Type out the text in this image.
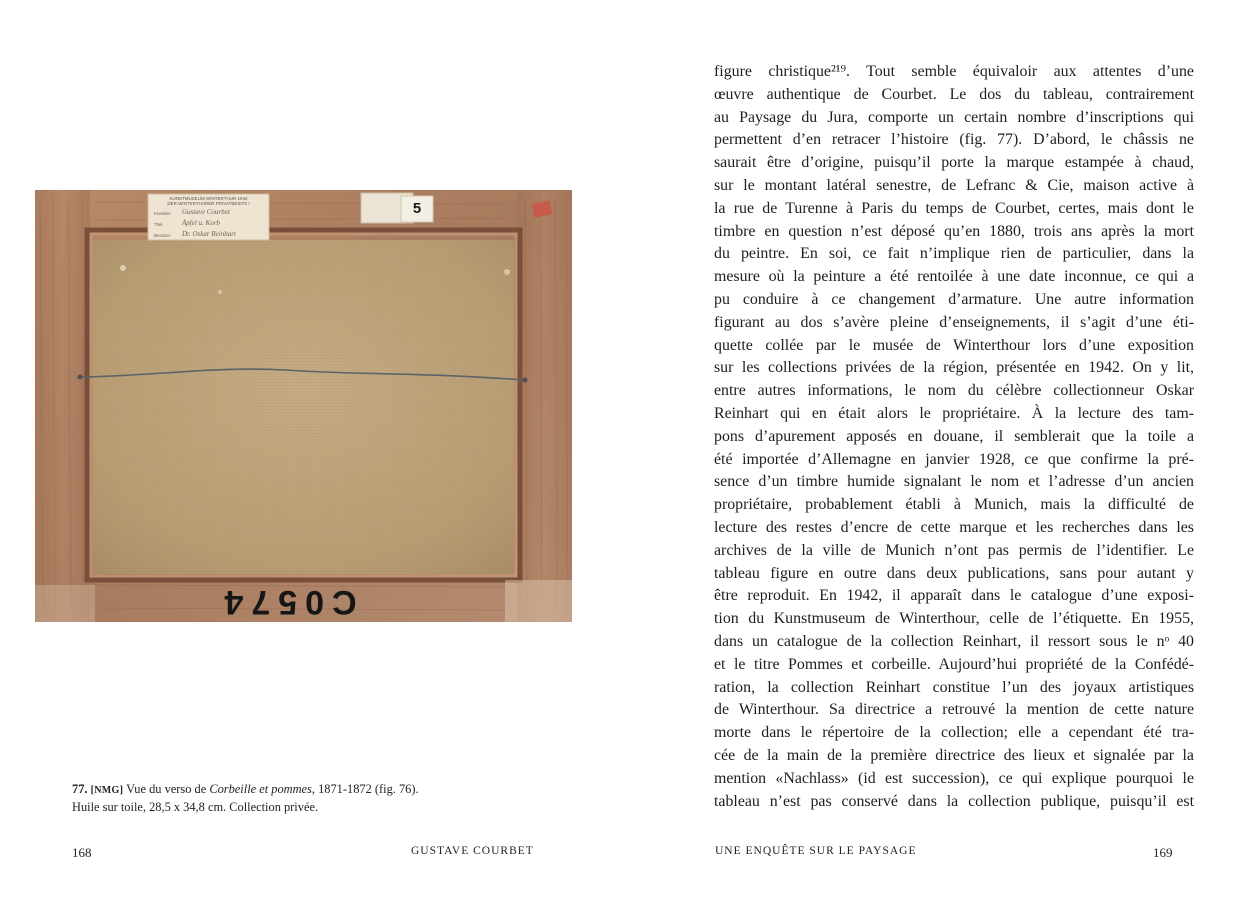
KUNSTMUSEUM WINTERTHUR 1942
DER WINTERTHURER PRIVATBESITZ I
Künstler Gustave Courbet
Titel	Äpfel u. Korb
Besitzer Dr. Oskar Reinhart
5
C0574
77. [NMG] Vue du verso de Corbeille et pommes, 1871-1872 (fig. 76).
Huile sur toile, 28,5 x 34,8 cm. Collection privée.
168	GUSTAVE COURBET
figure christique²¹⁹. Tout semble équivaloir aux attentes d’une
œuvre authentique de Courbet. Le dos du tableau, contrairement
au Paysage du Jura, comporte un certain nombre d’inscriptions qui
permettent d’en retracer l’histoire (fig. 77). D’abord, le châssis ne
saurait être d’origine, puisqu’il porte la marque estampée à chaud,
sur le montant latéral senestre, de Lefranc & Cie, maison active à
la rue de Turenne à Paris du temps de Courbet, certes, mais dont le
timbre en question n’est déposé qu’en 1880, trois ans après la mort
du peintre. En soi, ce fait n’implique rien de particulier, dans la
mesure où la peinture a été rentoilée à une date inconnue, ce qui a
pu conduire à ce changement d’armature. Une autre information
figurant au dos s’avère pleine d’enseignements, il s’agit d’une éti-
quette collée par le musée de Winterthour lors d’une exposition
sur les collections privées de la région, présentée en 1942. On y lit,
entre autres informations, le nom du célèbre collectionneur Oskar
Reinhart qui en était alors le propriétaire. À la lecture des tam-
pons d’apurement apposés en douane, il semblerait que la toile a
été importée d’Allemagne en janvier 1928, ce que confirme la pré-
sence d’un timbre humide signalant le nom et l’adresse d’un ancien
propriétaire, probablement établi à Munich, mais la difficulté de
lecture des restes d’encre de cette marque et les recherches dans les
archives de la ville de Munich n’ont pas permis de l’identifier. Le
tableau figure en outre dans deux publications, sans pour autant y
être reproduit. En 1942, il apparaît dans le catalogue d’une exposi-
tion du Kunstmuseum de Winterthour, celle de l’étiquette. En 1955,
dans un catalogue de la collection Reinhart, il ressort sous le nᵒ 40
et le titre Pommes et corbeille. Aujourd’hui propriété de la Confédé-
ration, la collection Reinhart constitue l’un des joyaux artistiques
de Winterthour. Sa directrice a retrouvé la mention de cette nature
morte dans le répertoire de la collection; elle a cependant été tra-
cée de la main de la première directrice des lieux et signalée par la
mention «Nachlass» (id est succession), ce qui explique pourquoi le
tableau n’est pas conservé dans la collection publique, puisqu’il est
UNE ENQUÊTE SUR LE PAYSAGE	169
